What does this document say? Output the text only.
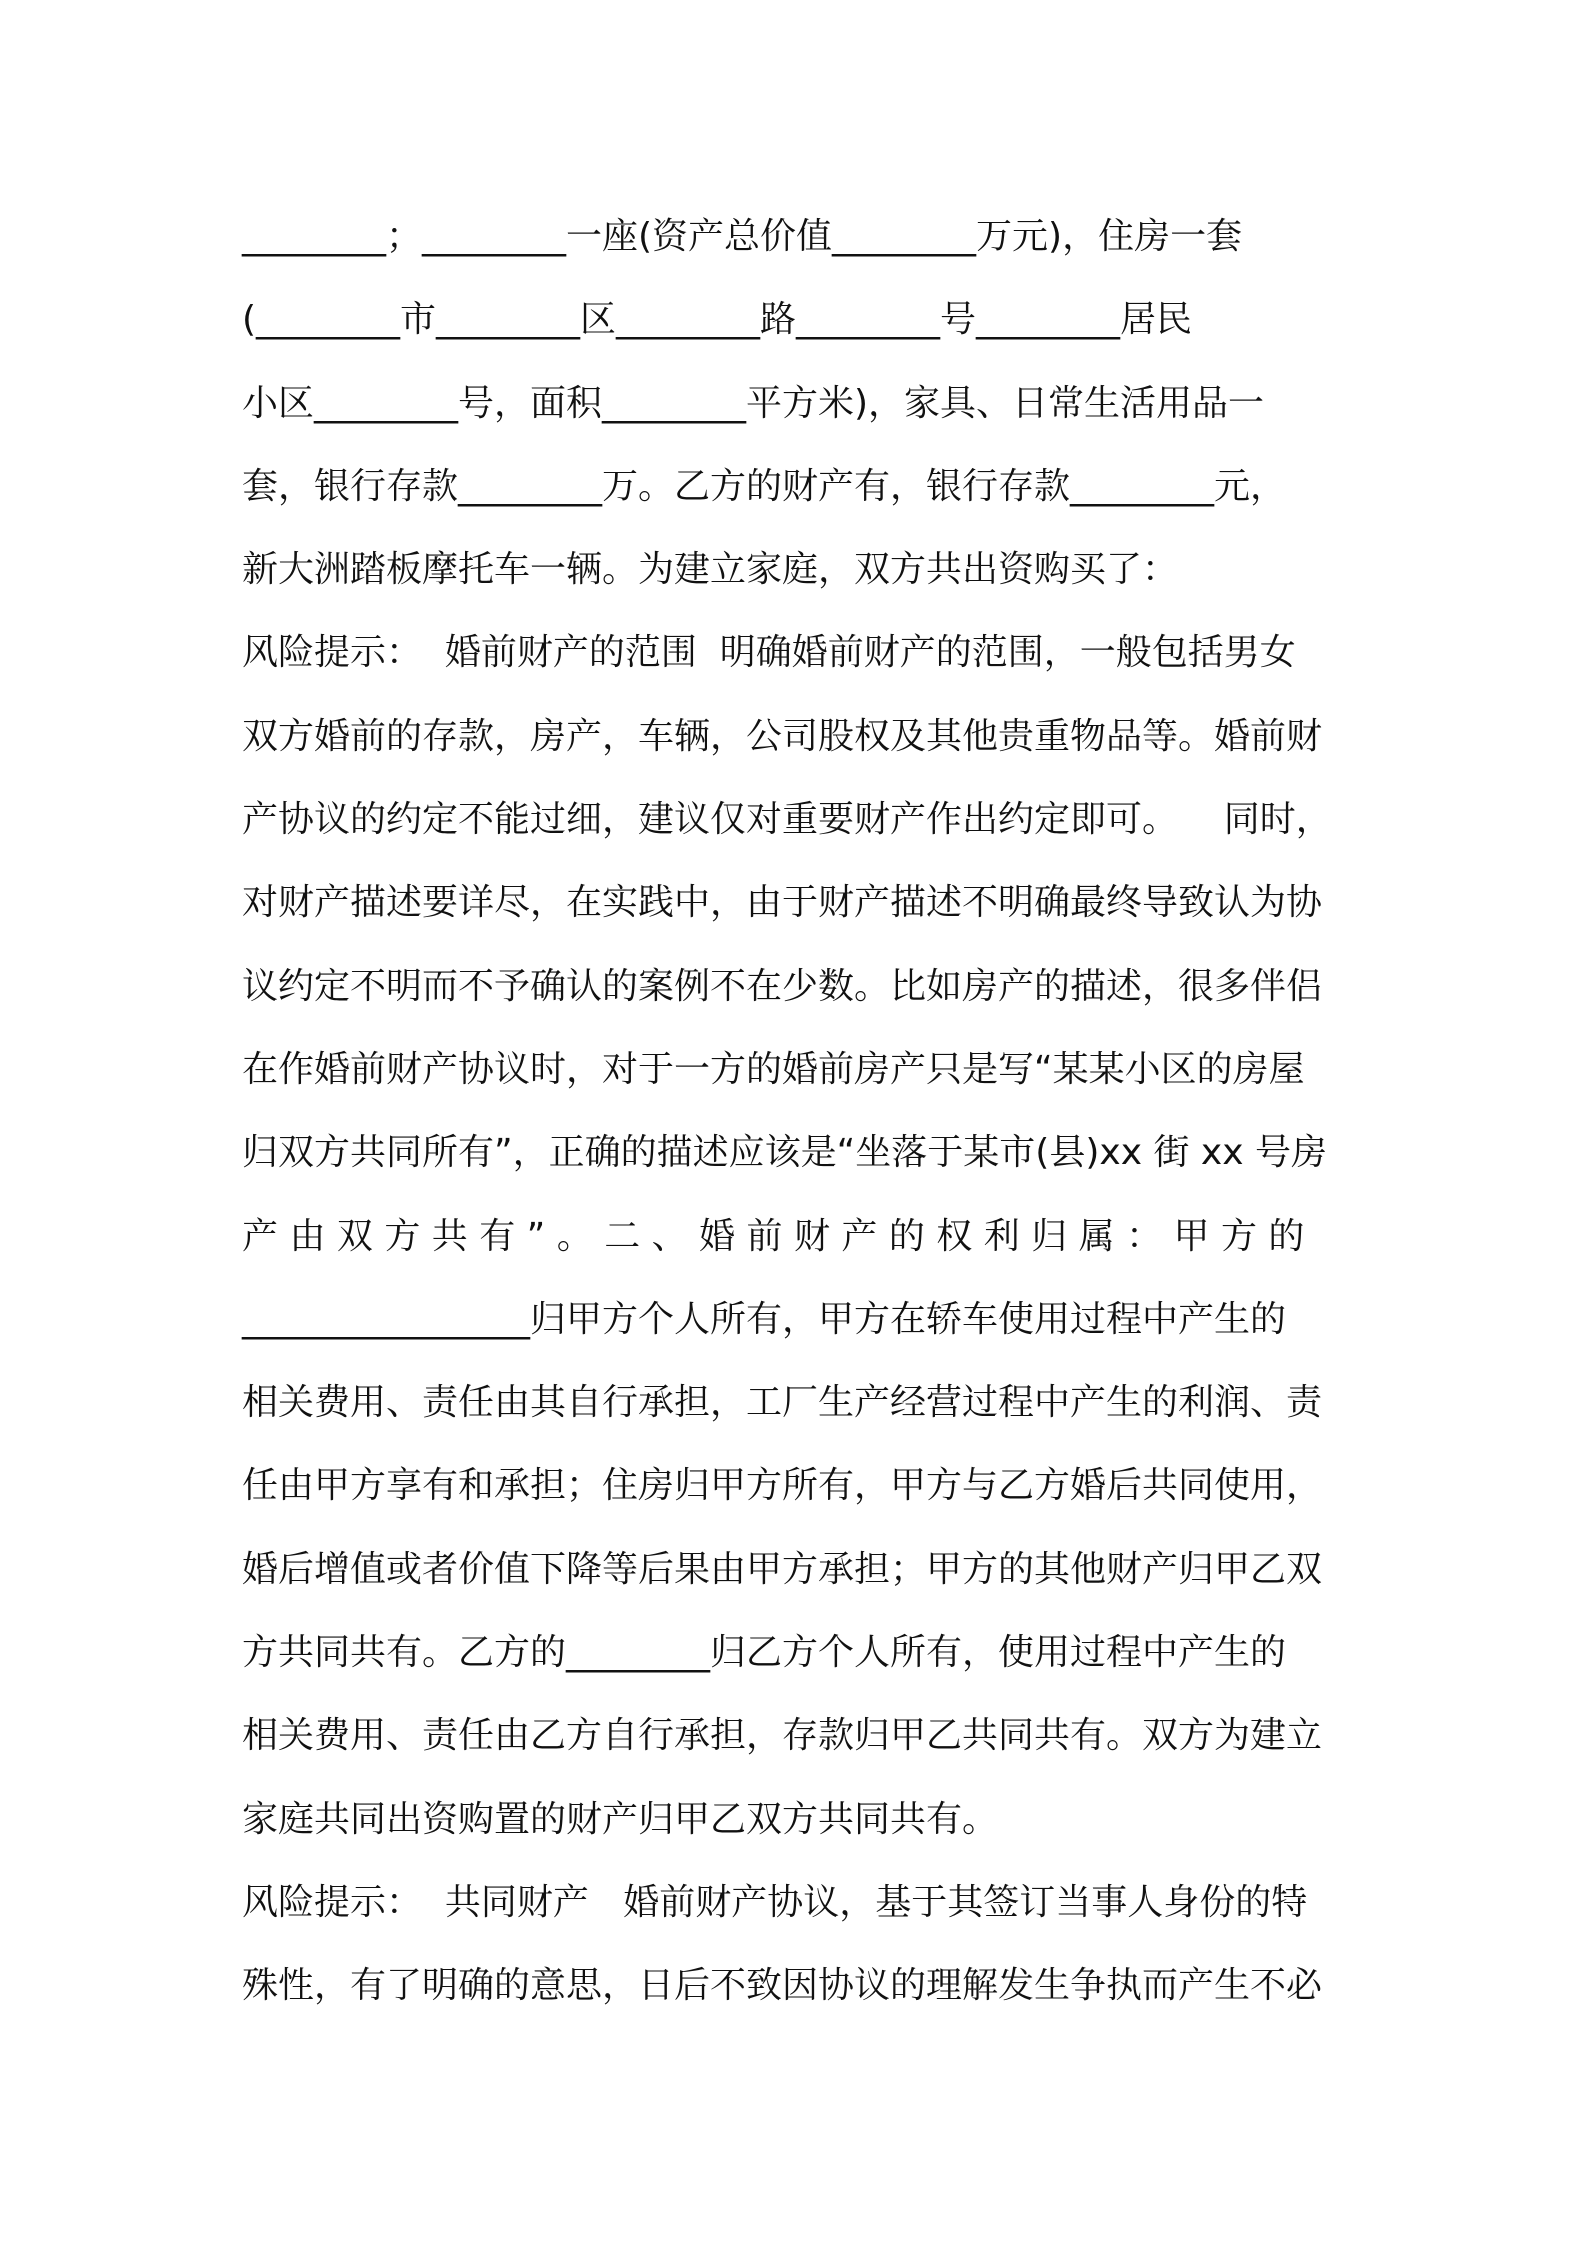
________；________一座(资产总价值________万元)，住房一套
(________市________区________路________号________居民
小区________号，面积________平方米)，家具、日常生活用品一
套，银行存款________万。乙方的财产有，银行存款________元，
新大洲踏板摩托车一辆。为建立家庭，双方共出资购买了：
风险提示：  婚前财产的范围  明确婚前财产的范围，一般包括男女
双方婚前的存款，房产，车辆，公司股权及其他贵重物品等。婚前财
产协议的约定不能过细，建议仅对重要财产作出约定即可。    同时，
对财产描述要详尽，在实践中，由于财产描述不明确最终导致认为协
议约定不明而不予确认的案例不在少数。比如房产的描述，很多伴侣
在作婚前财产协议时，对于一方的婚前房产只是写“某某小区的房屋
归双方共同所有”，正确的描述应该是“坐落于某市(县)xx 街 xx 号房
产 由 双 方 共 有 ” 。 二 、 婚 前 财 产 的 权 利 归 属 ： 甲 方 的
________________归甲方个人所有，甲方在轿车使用过程中产生的
相关费用、责任由其自行承担，工厂生产经营过程中产生的利润、责
任由甲方享有和承担；住房归甲方所有，甲方与乙方婚后共同使用，
婚后增值或者价值下降等后果由甲方承担；甲方的其他财产归甲乙双
方共同共有。乙方的________归乙方个人所有，使用过程中产生的
相关费用、责任由乙方自行承担，存款归甲乙共同共有。双方为建立
家庭共同出资购置的财产归甲乙双方共同共有。
风险提示：  共同财产   婚前财产协议，基于其签订当事人身份的特
殊性，有了明确的意思，日后不致因协议的理解发生争执而产生不必
